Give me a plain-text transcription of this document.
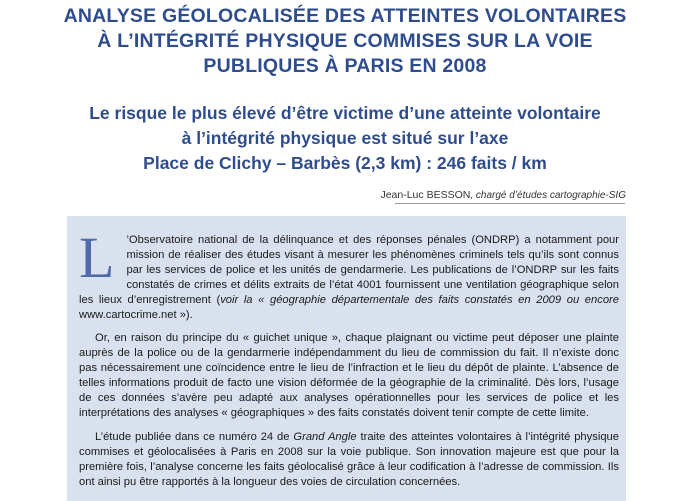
ANALYSE GÉOLOCALISÉE DES ATTEINTES VOLONTAIRES
À L’INTÉGRITÉ PHYSIQUE COMMISES SUR LA VOIE
PUBLIQUES À PARIS EN 2008
Le risque le plus élevé d’être victime d’une atteinte volontaire
à l’intégrité physique est situé sur l’axe
Place de Clichy – Barbès (2,3 km) : 246 faits / km
Jean-Luc BESSON, chargé d’études cartographie-SIG

L ’Observatoire national de la délinquance et des réponses pénales (ONDRP) a notamment pour mission de réaliser des études visant à mesurer les phénomènes criminels tels qu’ils sont connus par les services de police et les unités de gendarmerie. Les publications de l’ONDRP sur les faits constatés de crimes et délits extraits de l’état 4001 fournissent une ventilation géographique selon les lieux d’enregistrement (voir la « géographie départementale des faits constatés en 2009 ou encore www.cartocrime.net »).

Or, en raison du principe du « guichet unique », chaque plaignant ou victime peut déposer une plainte auprès de la police ou de la gendarmerie indépendamment du lieu de commission du fait. Il n’existe donc pas nécessairement une coïncidence entre le lieu de l’infraction et le lieu du dépôt de plainte. L’absence de telles informations produit de facto une vision déformée de la géographie de la criminalité. Dès lors, l’usage de ces données s’avère peu adapté aux analyses opérationnelles pour les services de police et les interprétations des analyses « géographiques » des faits constatés doivent tenir compte de cette limite.

L’étude publiée dans ce numéro 24 de Grand Angle traite des atteintes volontaires à l’intégrité physique commises et géolocalisées à Paris en 2008 sur la voie publique. Son innovation majeure est que pour la première fois, l’analyse concerne les faits géolocalisé grâce à leur codification à l’adresse de commission. Ils ont ainsi pu être rapportés à la longueur des voies de circulation concernées.
